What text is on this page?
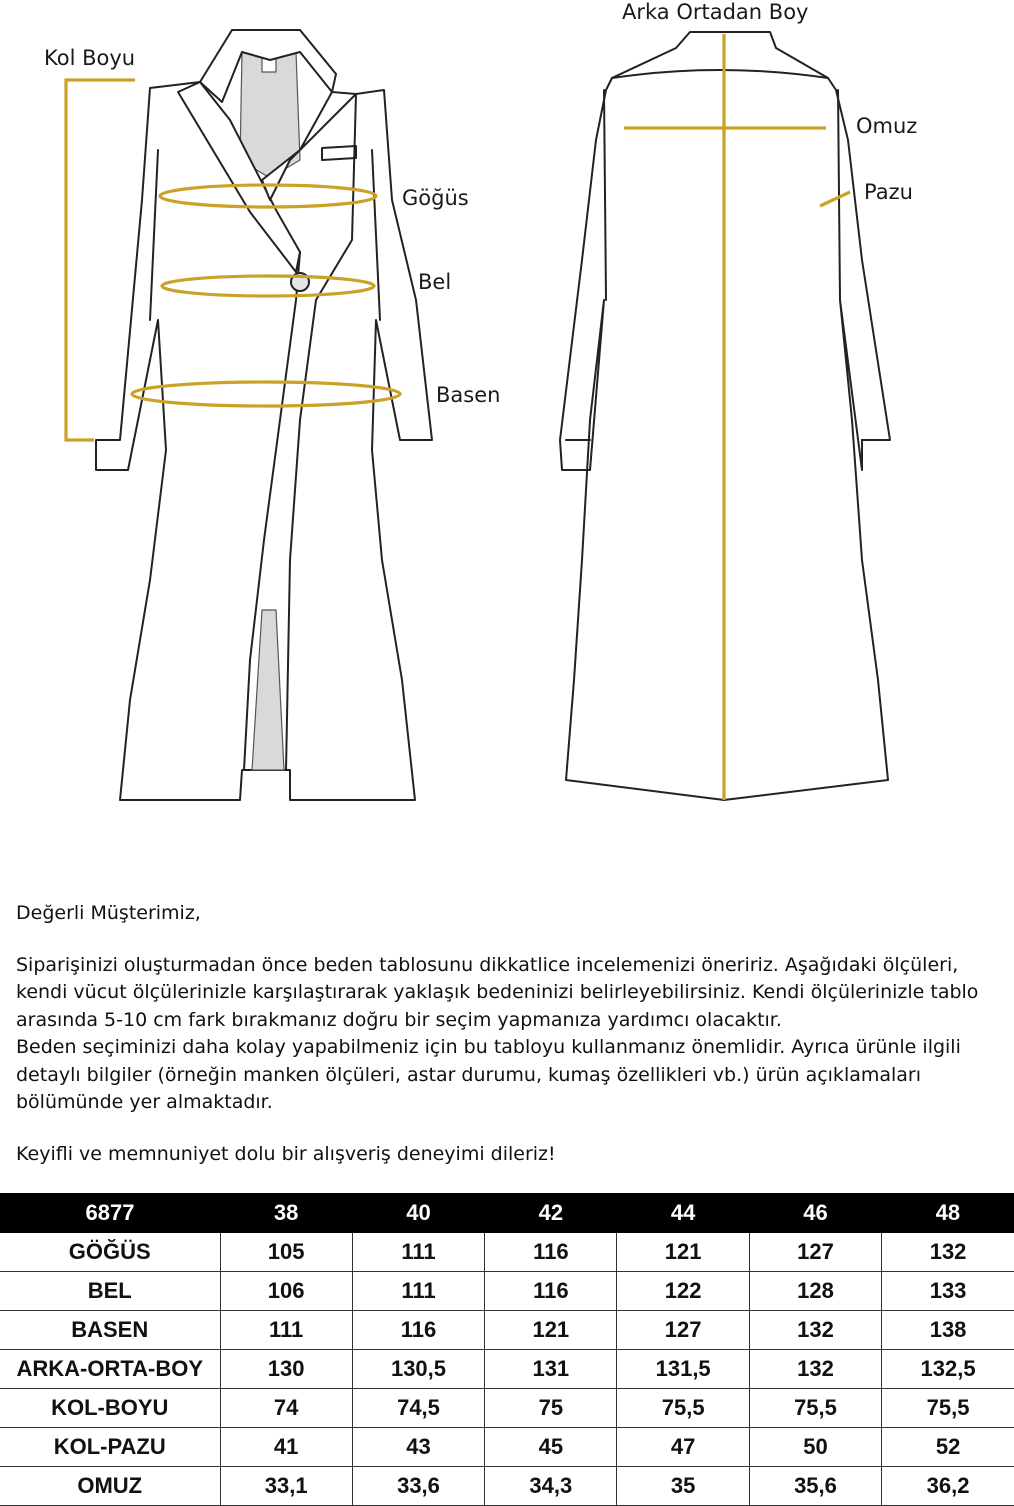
Kol Boyu
Arka Ortadan Boy
Omuz
Pazu
Göğüs
Bel
Basen

Değerli Müşterimiz,

Siparişinizi oluşturmadan önce beden tablosunu dikkatlice incelemenizi öneririz. Aşağıdaki ölçüleri, kendi vücut ölçülerinizle karşılaştırarak yaklaşık bedeninizi belirleyebilirsiniz. Kendi ölçülerinizle tablo arasında 5-10 cm fark bırakmanız doğru bir seçim yapmanıza yardımcı olacaktır.

Beden seçiminizi daha kolay yapabilmeniz için bu tabloyu kullanmanız önemlidir. Ayrıca ürünle ilgili detaylı bilgiler (örneğin manken ölçüleri, astar durumu, kumaş özellikleri vb.) ürün açıklamaları bölümünde yer almaktadır.

Keyifli ve memnuniyet dolu bir alışveriş deneyimi dileriz!

6877	38	40	42	44	46	48
GÖĞÜS	105	111	116	121	127	132
BEL	106	111	116	122	128	133
BASEN	111	116	121	127	132	138
ARKA-ORTA-BOY	130	130,5	131	131,5	132	132,5
KOL-BOYU	74	74,5	75	75,5	75,5	75,5
KOL-PAZU	41	43	45	47	50	52
OMUZ	33,1	33,6	34,3	35	35,6	36,2
